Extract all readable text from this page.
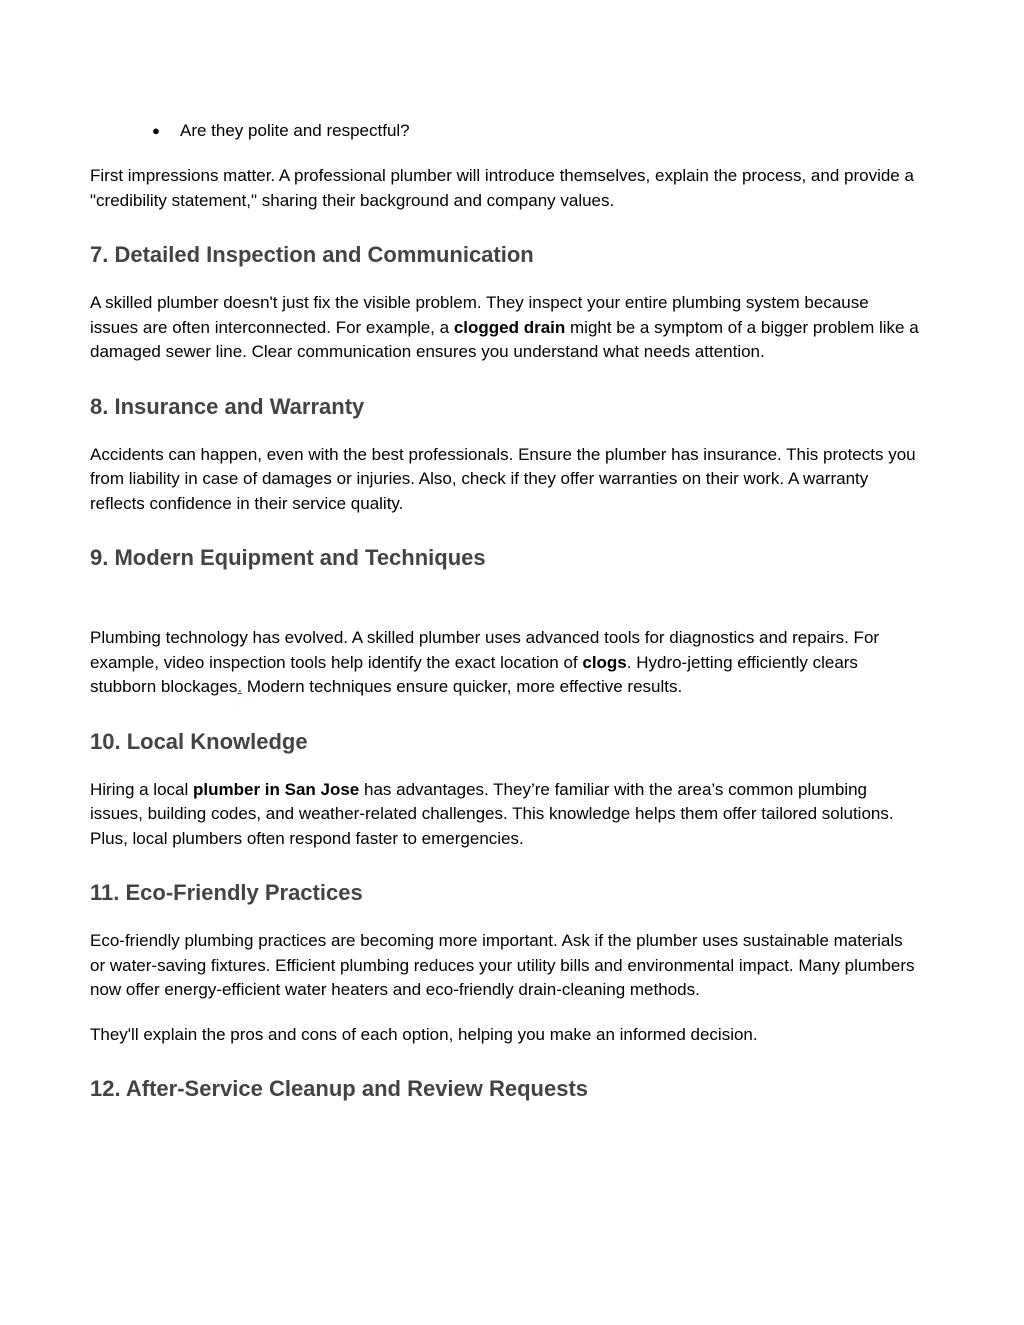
● Are they polite and respectful?

First impressions matter. A professional plumber will introduce themselves, explain the process, and provide a "credibility statement," sharing their background and company values.

7. Detailed Inspection and Communication

A skilled plumber doesn't just fix the visible problem. They inspect your entire plumbing system because issues are often interconnected. For example, a clogged drain might be a symptom of a bigger problem like a damaged sewer line. Clear communication ensures you understand what needs attention.

8. Insurance and Warranty

Accidents can happen, even with the best professionals. Ensure the plumber has insurance. This protects you from liability in case of damages or injuries. Also, check if they offer warranties on their work. A warranty reflects confidence in their service quality.

9. Modern Equipment and Techniques

Plumbing technology has evolved. A skilled plumber uses advanced tools for diagnostics and repairs. For example, video inspection tools help identify the exact location of clogs. Hydro-jetting efficiently clears stubborn blockages. Modern techniques ensure quicker, more effective results.

10. Local Knowledge

Hiring a local plumber in San Jose has advantages. They’re familiar with the area’s common plumbing issues, building codes, and weather-related challenges. This knowledge helps them offer tailored solutions. Plus, local plumbers often respond faster to emergencies.

11. Eco-Friendly Practices

Eco-friendly plumbing practices are becoming more important. Ask if the plumber uses sustainable materials or water-saving fixtures. Efficient plumbing reduces your utility bills and environmental impact. Many plumbers now offer energy-efficient water heaters and eco-friendly drain-cleaning methods.

They'll explain the pros and cons of each option, helping you make an informed decision.

12. After-Service Cleanup and Review Requests
